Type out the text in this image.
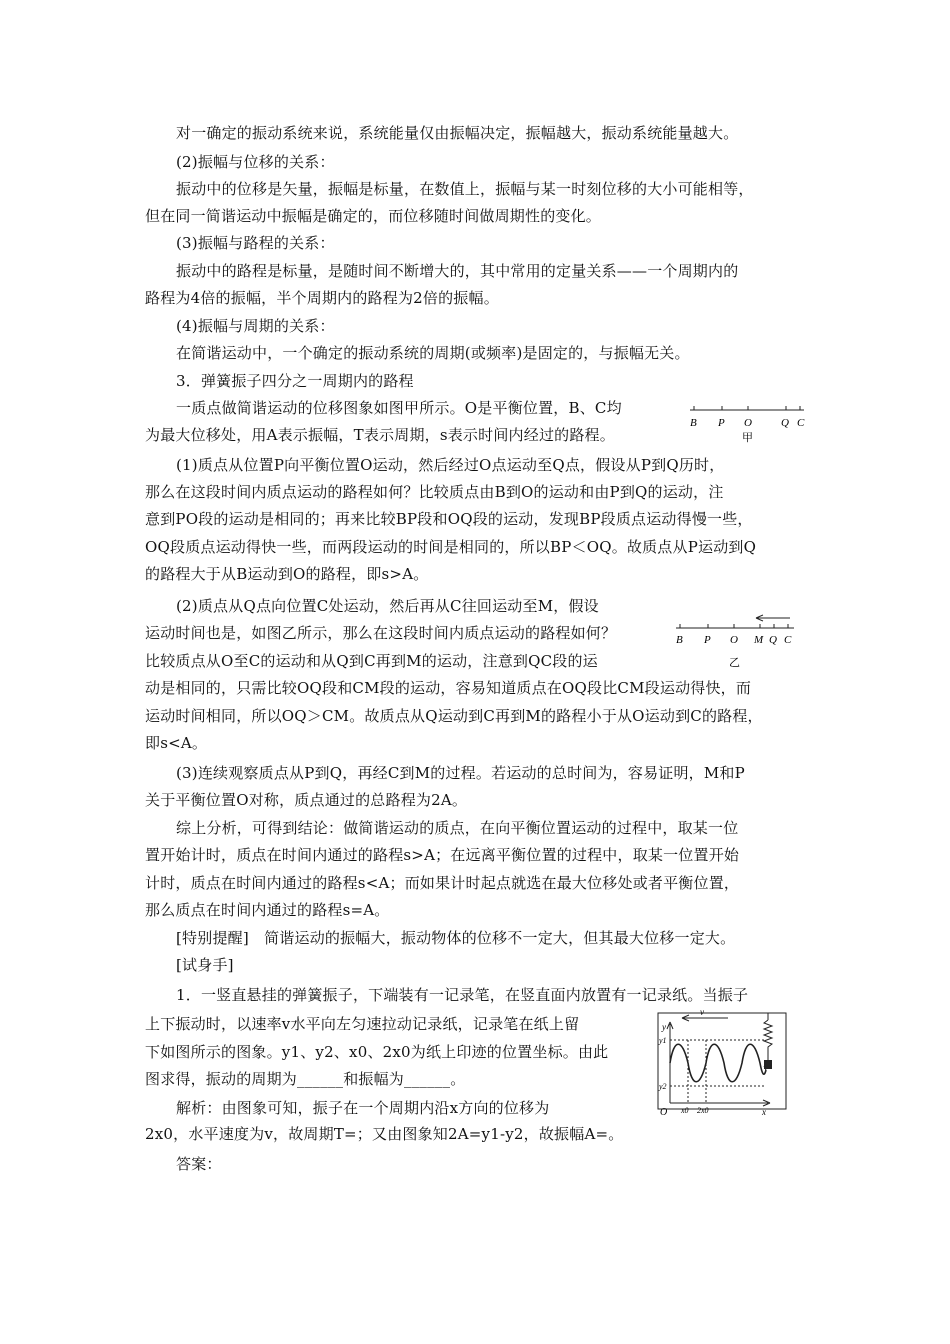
对一确定的振动系统来说，系统能量仅由振幅决定，振幅越大，振动系统能量越大。
(2)振幅与位移的关系：
振动中的位移是矢量，振幅是标量，在数值上，振幅与某一时刻位移的大小可能相等，
但在同一简谐运动中振幅是确定的，而位移随时间做周期性的变化。
(3)振幅与路程的关系：
振动中的路程是标量，是随时间不断增大的，其中常用的定量关系——一个周期内的
路程为4倍的振幅，半个周期内的路程为2倍的振幅。
(4)振幅与周期的关系：
在简谐运动中，一个确定的振动系统的周期(或频率)是固定的，与振幅无关。
3．弹簧振子四分之一周期内的路程
一质点做简谐运动的位移图象如图甲所示。O是平衡位置，B、C均
为最大位移处，用A表示振幅，T表示周期，s表示时间内经过的路程。
(1)质点从位置P向平衡位置O运动，然后经过O点运动至Q点，假设从P到Q历时，
那么在这段时间内质点运动的路程如何？比较质点由B到O的运动和由P到Q的运动，注
意到PO段的运动是相同的；再来比较BP段和OQ段的运动，发现BP段质点运动得慢一些，
OQ段质点运动得快一些，而两段运动的时间是相同的，所以BP＜OQ。故质点从P运动到Q
的路程大于从B运动到O的路程，即s>A。
(2)质点从Q点向位置C处运动，然后再从C往回运动至M，假设
运动时间也是，如图乙所示，那么在这段时间内质点运动的路程如何？
比较质点从O至C的运动和从Q到C再到M的运动，注意到QC段的运
动是相同的，只需比较OQ段和CM段的运动，容易知道质点在OQ段比CM段运动得快，而
运动时间相同，所以OQ＞CM。故质点从Q运动到C再到M的路程小于从O运动到C的路程，
即s<A。
(3)连续观察质点从P到Q，再经C到M的过程。若运动的总时间为，容易证明，M和P
关于平衡位置O对称，质点通过的总路程为2A。
综上分析，可得到结论：做简谐运动的质点，在向平衡位置运动的过程中，取某一位
置开始计时，质点在时间内通过的路程s>A；在远离平衡位置的过程中，取某一位置开始
计时，质点在时间内通过的路程s<A；而如果计时起点就选在最大位移处或者平衡位置，
那么质点在时间内通过的路程s=A。
[特别提醒]　简谐运动的振幅大，振动物体的位移不一定大，但其最大位移一定大。
[试身手]
1．一竖直悬挂的弹簧振子，下端装有一记录笔，在竖直面内放置有一记录纸。当振子
上下振动时，以速率v水平向左匀速拉动记录纸，记录笔在纸上留
下如图所示的图象。y1、y2、x0、2x0为纸上印迹的位置坐标。由此
图求得，振动的周期为______和振幅为______。
解析：由图象可知，振子在一个周期内沿x方向的位移为
2x0，水平速度为v，故周期T=；又由图象知2A=y1-y2，故振幅A=。
答案：
B P O	Q C
甲
B P O M Q C
乙
v
y
x
O
y1
y2
x0 2x0
